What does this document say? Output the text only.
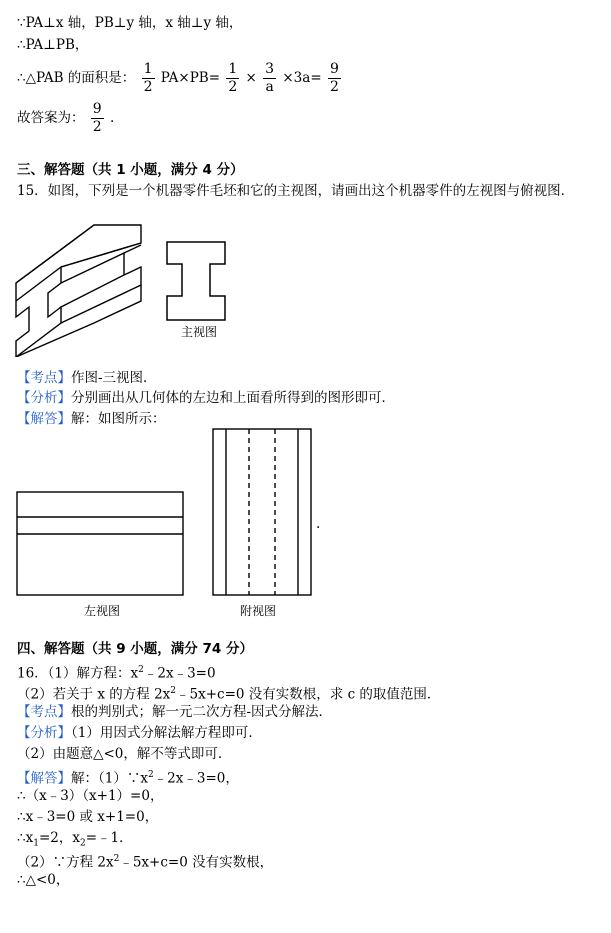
∵PA⊥x 轴，PB⊥y 轴，x 轴⊥y 轴，
∴PA⊥PB，
∴△PAB 的面积是： $\frac{1}{2} PA\times PB= \frac{1}{2} \times \frac{3}{a} \times 3a= \frac{9}{2}$
故答案为： $\frac{9}{2}$ .
三、解答题（共 1 小题，满分 4 分）
15．如图，下列是一个机器零件毛坯和它的主视图，请画出这个机器零件的左视图与俯视图．
主视图
【考点】作图-三视图．
【分析】分别画出从几何体的左边和上面看所得到的图形即可．
【解答】解：如图所示：
左视图
.
附视图
四、解答题（共 9 小题，满分 74 分）
16．（1）解方程：$x^2﹣2x﹣3=0$
（2）若关于 x 的方程 $2x^2﹣5x+c=0$ 没有实数根，求 c 的取值范围．
【考点】根的判别式；解一元二次方程-因式分解法．
【分析】（1）用因式分解法解方程即可．
（2）由题意△<0，解不等式即可．
【解答】解：$(1)\because x^2﹣2x﹣3=0$，
∴（x﹣3）（x+1）=0，
∴x﹣3=0 或 x+1=0，
$\therefore x_1=2$，$x_2=﹣1$．
（2）∵方程 $2x^2﹣5x+c=0$ 没有实数根，
∴△<0，
